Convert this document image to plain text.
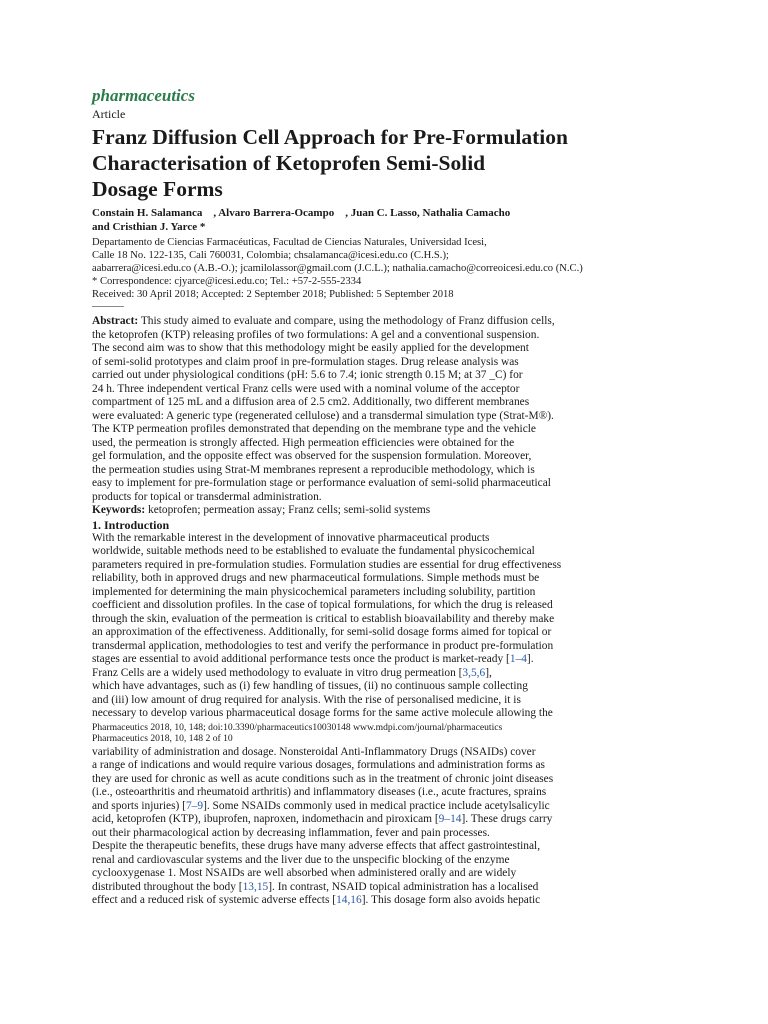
pharmaceutics

Article

Franz Diffusion Cell Approach for Pre-Formulation
Characterisation of Ketoprofen Semi-Solid
Dosage Forms

Constain H. Salamanca    , Alvaro Barrera-Ocampo    , Juan C. Lasso, Nathalia Camacho

and Cristhian J. Yarce *

Departamento de Ciencias Farmacéuticas, Facultad de Ciencias Naturales, Universidad Icesi,

Calle 18 No. 122-135, Cali 760031, Colombia; chsalamanca@icesi.edu.co (C.H.S.);

aabarrera@icesi.edu.co (A.B.-O.); jcamilolassor@gmail.com (J.C.L.); nathalia.camacho@correoicesi.edu.co (N.C.)

* Correspondence: cjyarce@icesi.edu.co; Tel.: +57-2-555-2334

Received: 30 April 2018; Accepted: 2 September 2018; Published: 5 September 2018

———

Abstract: This study aimed to evaluate and compare, using the methodology of Franz diffusion cells,
the ketoprofen (KTP) releasing profiles of two formulations: A gel and a conventional suspension.
The second aim was to show that this methodology might be easily applied for the development
of semi-solid prototypes and claim proof in pre-formulation stages. Drug release analysis was
carried out under physiological conditions (pH: 5.6 to 7.4; ionic strength 0.15 M; at 37 _C) for
24 h. Three independent vertical Franz cells were used with a nominal volume of the acceptor
compartment of 125 mL and a diffusion area of 2.5 cm2. Additionally, two different membranes
were evaluated: A generic type (regenerated cellulose) and a transdermal simulation type (Strat-M®).
The KTP permeation profiles demonstrated that depending on the membrane type and the vehicle
used, the permeation is strongly affected. High permeation efficiencies were obtained for the
gel formulation, and the opposite effect was observed for the suspension formulation. Moreover,
the permeation studies using Strat-M membranes represent a reproducible methodology, which is
easy to implement for pre-formulation stage or performance evaluation of semi-solid pharmaceutical
products for topical or transdermal administration.

Keywords: ketoprofen; permeation assay; Franz cells; semi-solid systems

1. Introduction

With the remarkable interest in the development of innovative pharmaceutical products
worldwide, suitable methods need to be established to evaluate the fundamental physicochemical
parameters required in pre-formulation studies. Formulation studies are essential for drug effectiveness
reliability, both in approved drugs and new pharmaceutical formulations. Simple methods must be
implemented for determining the main physicochemical parameters including solubility, partition
coefficient and dissolution profiles. In the case of topical formulations, for which the drug is released
through the skin, evaluation of the permeation is critical to establish bioavailability and thereby make
an approximation of the effectiveness. Additionally, for semi-solid dosage forms aimed for topical or
transdermal application, methodologies to test and verify the performance in product pre-formulation
stages are essential to avoid additional performance tests once the product is market-ready [1–4].
Franz Cells are a widely used methodology to evaluate in vitro drug permeation [3,5,6],
which have advantages, such as (i) few handling of tissues, (ii) no continuous sample collecting
and (iii) low amount of drug required for analysis. With the rise of personalised medicine, it is
necessary to develop various pharmaceutical dosage forms for the same active molecule allowing the

Pharmaceutics 2018, 10, 148; doi:10.3390/pharmaceutics10030148 www.mdpi.com/journal/pharmaceutics

Pharmaceutics 2018, 10, 148 2 of 10

variability of administration and dosage. Nonsteroidal Anti-Inflammatory Drugs (NSAIDs) cover
a range of indications and would require various dosages, formulations and administration forms as
they are used for chronic as well as acute conditions such as in the treatment of chronic joint diseases
(i.e., osteoarthritis and rheumatoid arthritis) and inflammatory diseases (i.e., acute fractures, sprains
and sports injuries) [7–9]. Some NSAIDs commonly used in medical practice include acetylsalicylic
acid, ketoprofen (KTP), ibuprofen, naproxen, indomethacin and piroxicam [9–14]. These drugs carry
out their pharmacological action by decreasing inflammation, fever and pain processes.
Despite the therapeutic benefits, these drugs have many adverse effects that affect gastrointestinal,
renal and cardiovascular systems and the liver due to the unspecific blocking of the enzyme
cyclooxygenase 1. Most NSAIDs are well absorbed when administered orally and are widely
distributed throughout the body [13,15]. In contrast, NSAID topical administration has a localised
effect and a reduced risk of systemic adverse effects [14,16]. This dosage form also avoids hepatic
